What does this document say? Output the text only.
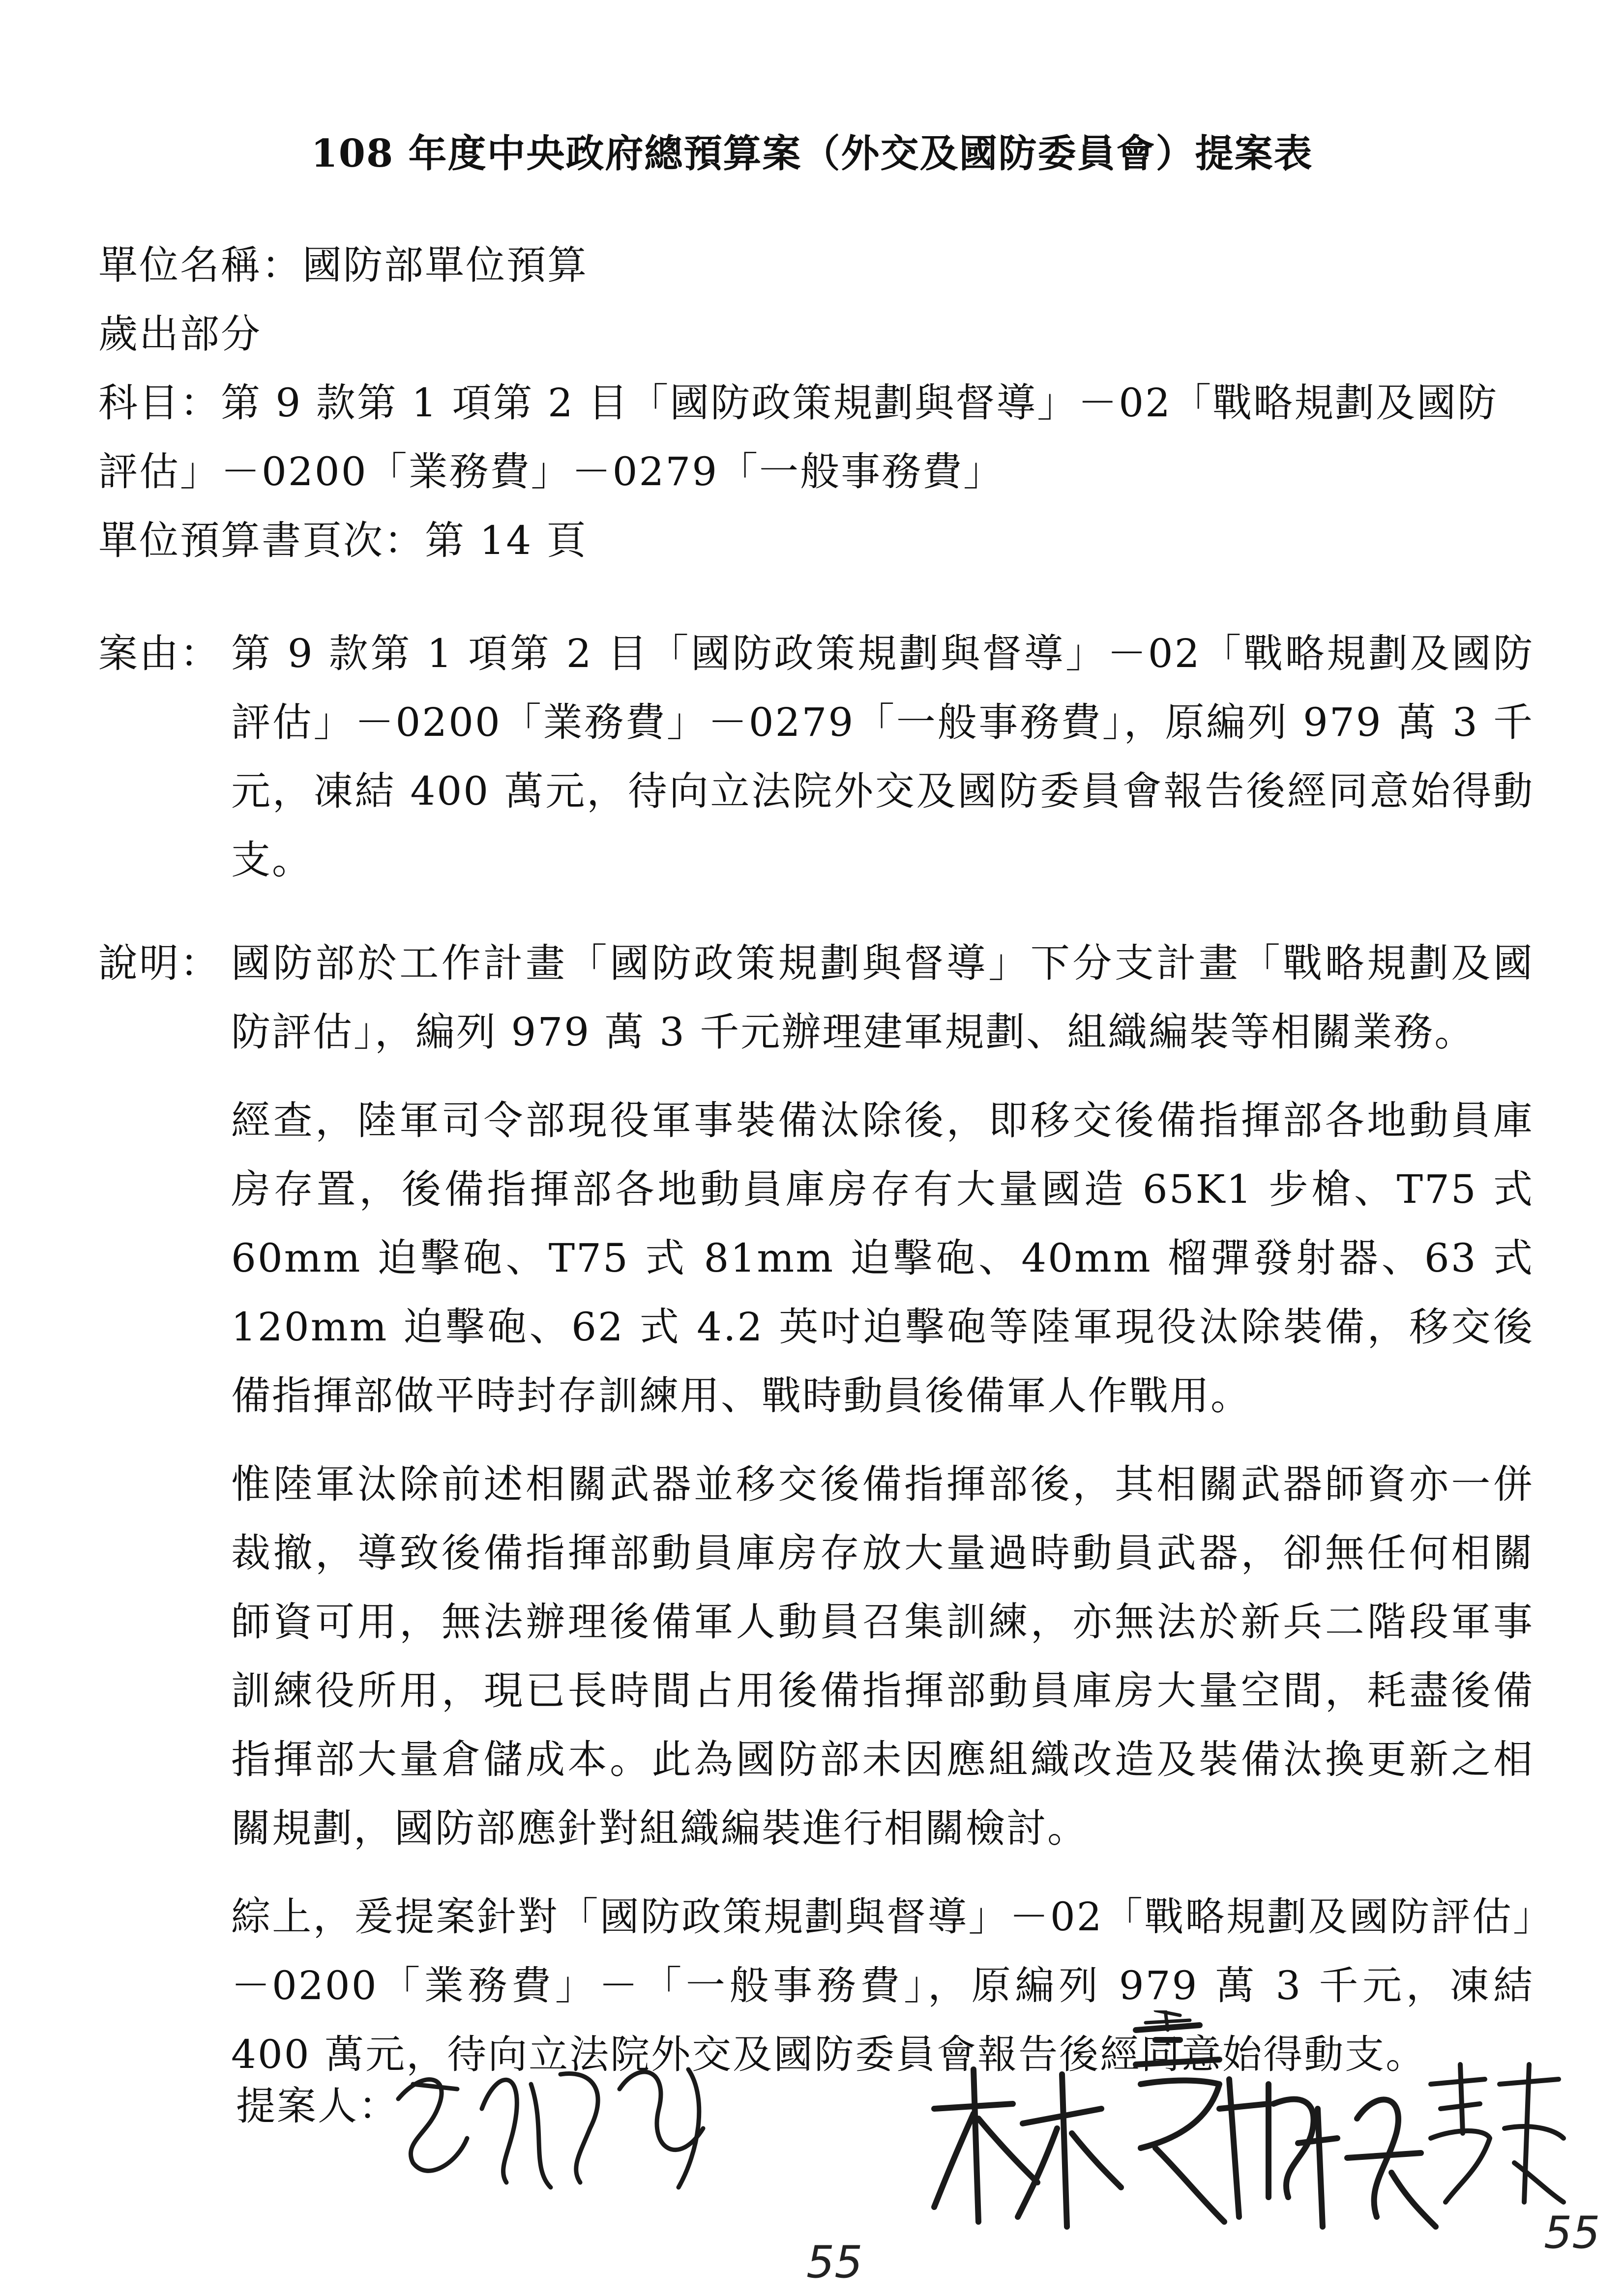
108 年度中央政府總預算案（外交及國防委員會）提案表
單位名稱：國防部單位預算
歲出部分
科目：第 9 款第 1 項第 2 目「國防政策規劃與督導」－02「戰略規劃及國防
評估」－0200「業務費」－0279「一般事務費」
單位預算書頁次：第 14 頁
案由： 第 9 款第 1 項第 2 目「國防政策規劃與督導」－02「戰略規劃及國防評估」－0200「業務費」－0279「一般事務費」，原編列 979 萬 3 千元，凍結 400 萬元，待向立法院外交及國防委員會報告後經同意始得動支。
說明： 國防部於工作計畫「國防政策規劃與督導」下分支計畫「戰略規劃及國防評估」，編列 979 萬 3 千元辦理建軍規劃、組織編裝等相關業務。
經查，陸軍司令部現役軍事裝備汰除後，即移交後備指揮部各地動員庫房存置，後備指揮部各地動員庫房存有大量國造 65K1 步槍、T75 式 60mm 迫擊砲、T75 式 81mm 迫擊砲、40mm 榴彈發射器、63 式 120mm 迫擊砲、62 式 4.2 英吋迫擊砲等陸軍現役汰除裝備，移交後備指揮部做平時封存訓練用、戰時動員後備軍人作戰用。
惟陸軍汰除前述相關武器並移交後備指揮部後，其相關武器師資亦一併裁撤，導致後備指揮部動員庫房存放大量過時動員武器，卻無任何相關師資可用，無法辦理後備軍人動員召集訓練，亦無法於新兵二階段軍事訓練役所用，現已長時間占用後備指揮部動員庫房大量空間，耗盡後備指揮部大量倉儲成本。此為國防部未因應組織改造及裝備汰換更新之相關規劃，國防部應針對組織編裝進行相關檢討。
綜上，爰提案針對「國防政策規劃與督導」－02「戰略規劃及國防評估」－0200「業務費」－「一般事務費」，原編列 979 萬 3 千元，凍結 400 萬元，待向立法院外交及國防委員會報告後經同意始得動支。
提案人：
55
55
